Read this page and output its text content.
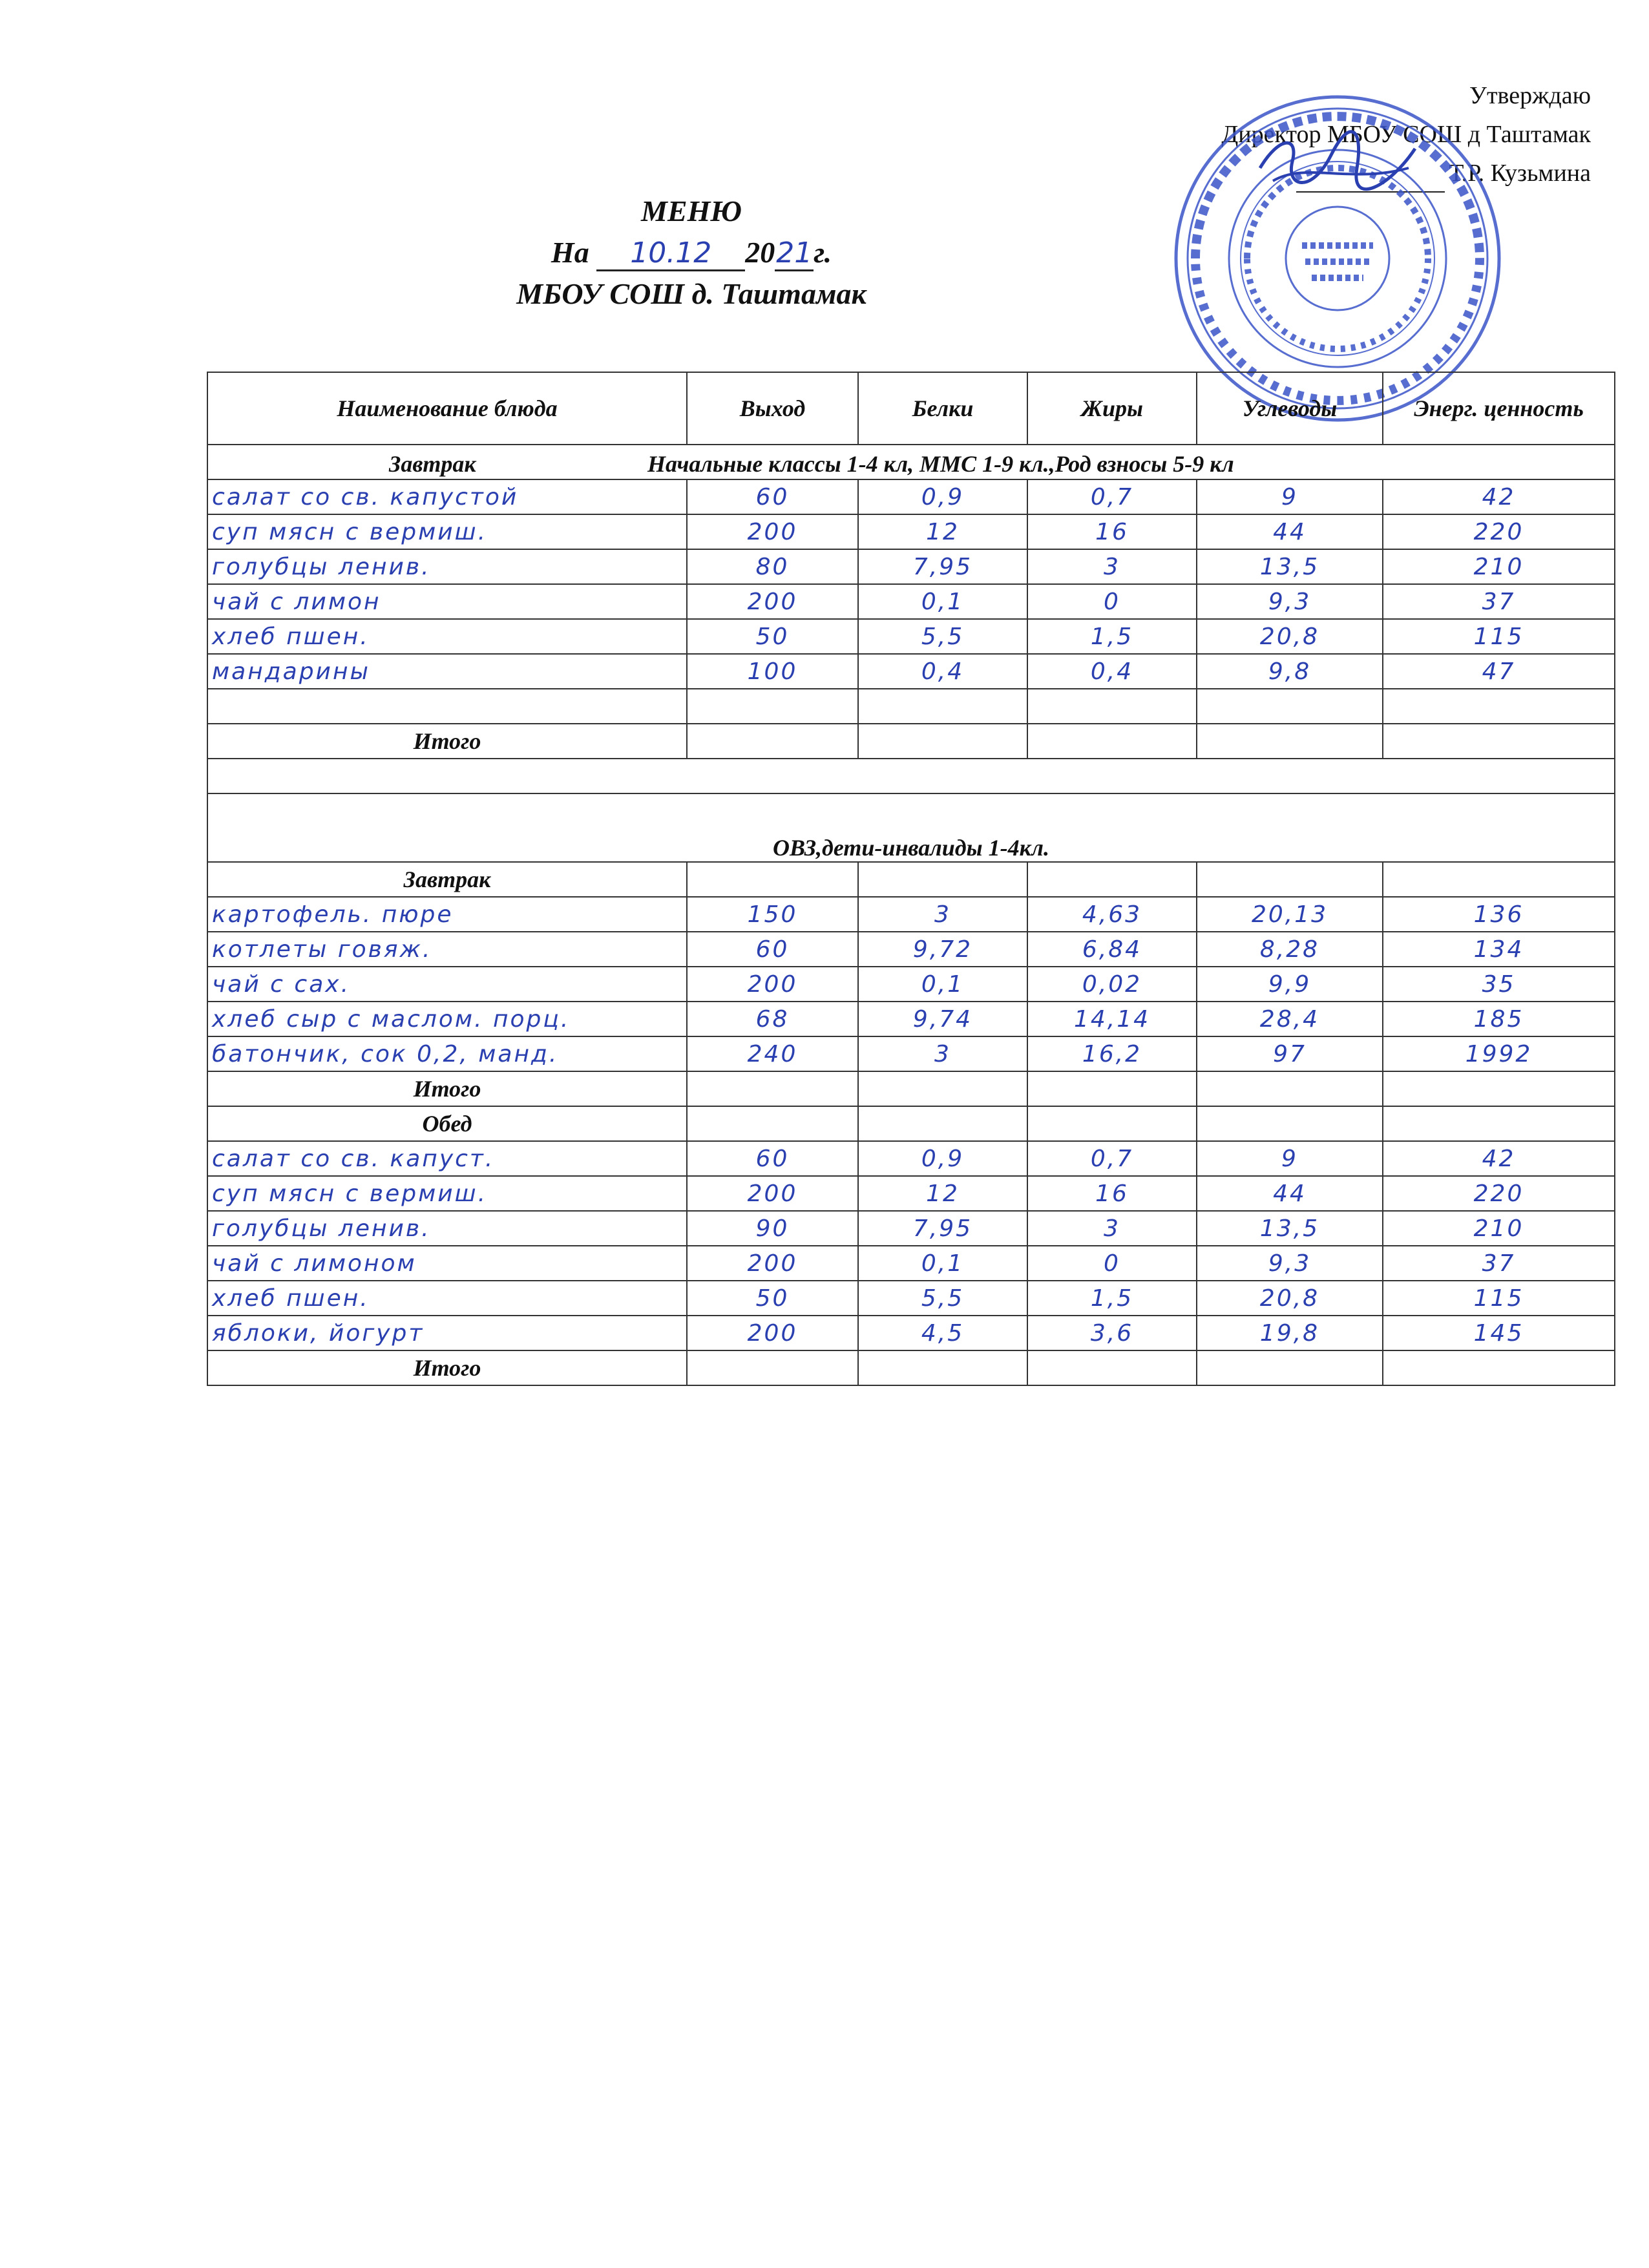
Утверждаю
Директор МБОУ СОШ д Таштамак
Т.Р. Кузьмина
МЕНЮ
На 10.12 2021г.
МБОУ СОШ д. Таштамак
Наименование блюда	Выход	Белки	Жиры	Углеводы	Энерг. ценность

Завтрак Начальные классы 1-4 кл, ММС 1-9 кл.,Род взносы 5-9 кл					

салат со св. капустой	60	0,9	0,7	9	42
суп мясн с вермиш.	200	12	16	44	220
голубцы ленив.	80	7,95	3	13,5	210
чай с лимон	200	0,1	0	9,3	37
хлеб пшен.	50	5,5	1,5	20,8	115
мандарины	100	0,4	0,4	9,8	47

Итого					

ОВЗ,дети-инвалиды 1-4кл.					
Завтрак					
картофель. пюре	150	3	4,63	20,13	136
котлеты говяж.	60	9,72	6,84	8,28	134
чай с сах.	200	0,1	0,02	9,9	35
хлеб сыр с маслом. порц.	68	9,74	14,14	28,4	185
батончик, сок 0,2, манд.	240	3	16,2	97	1992
Итого					
Обед					
салат со св. капуст.	60	0,9	0,7	9	42
суп мясн с вермиш.	200	12	16	44	220
голубцы ленив.	90	7,95	3	13,5	210
чай с лимоном	200	0,1	0	9,3	37
хлеб пшен.	50	5,5	1,5	20,8	115
яблоки, йогурт	200	4,5	3,6	19,8	145
Итого					
